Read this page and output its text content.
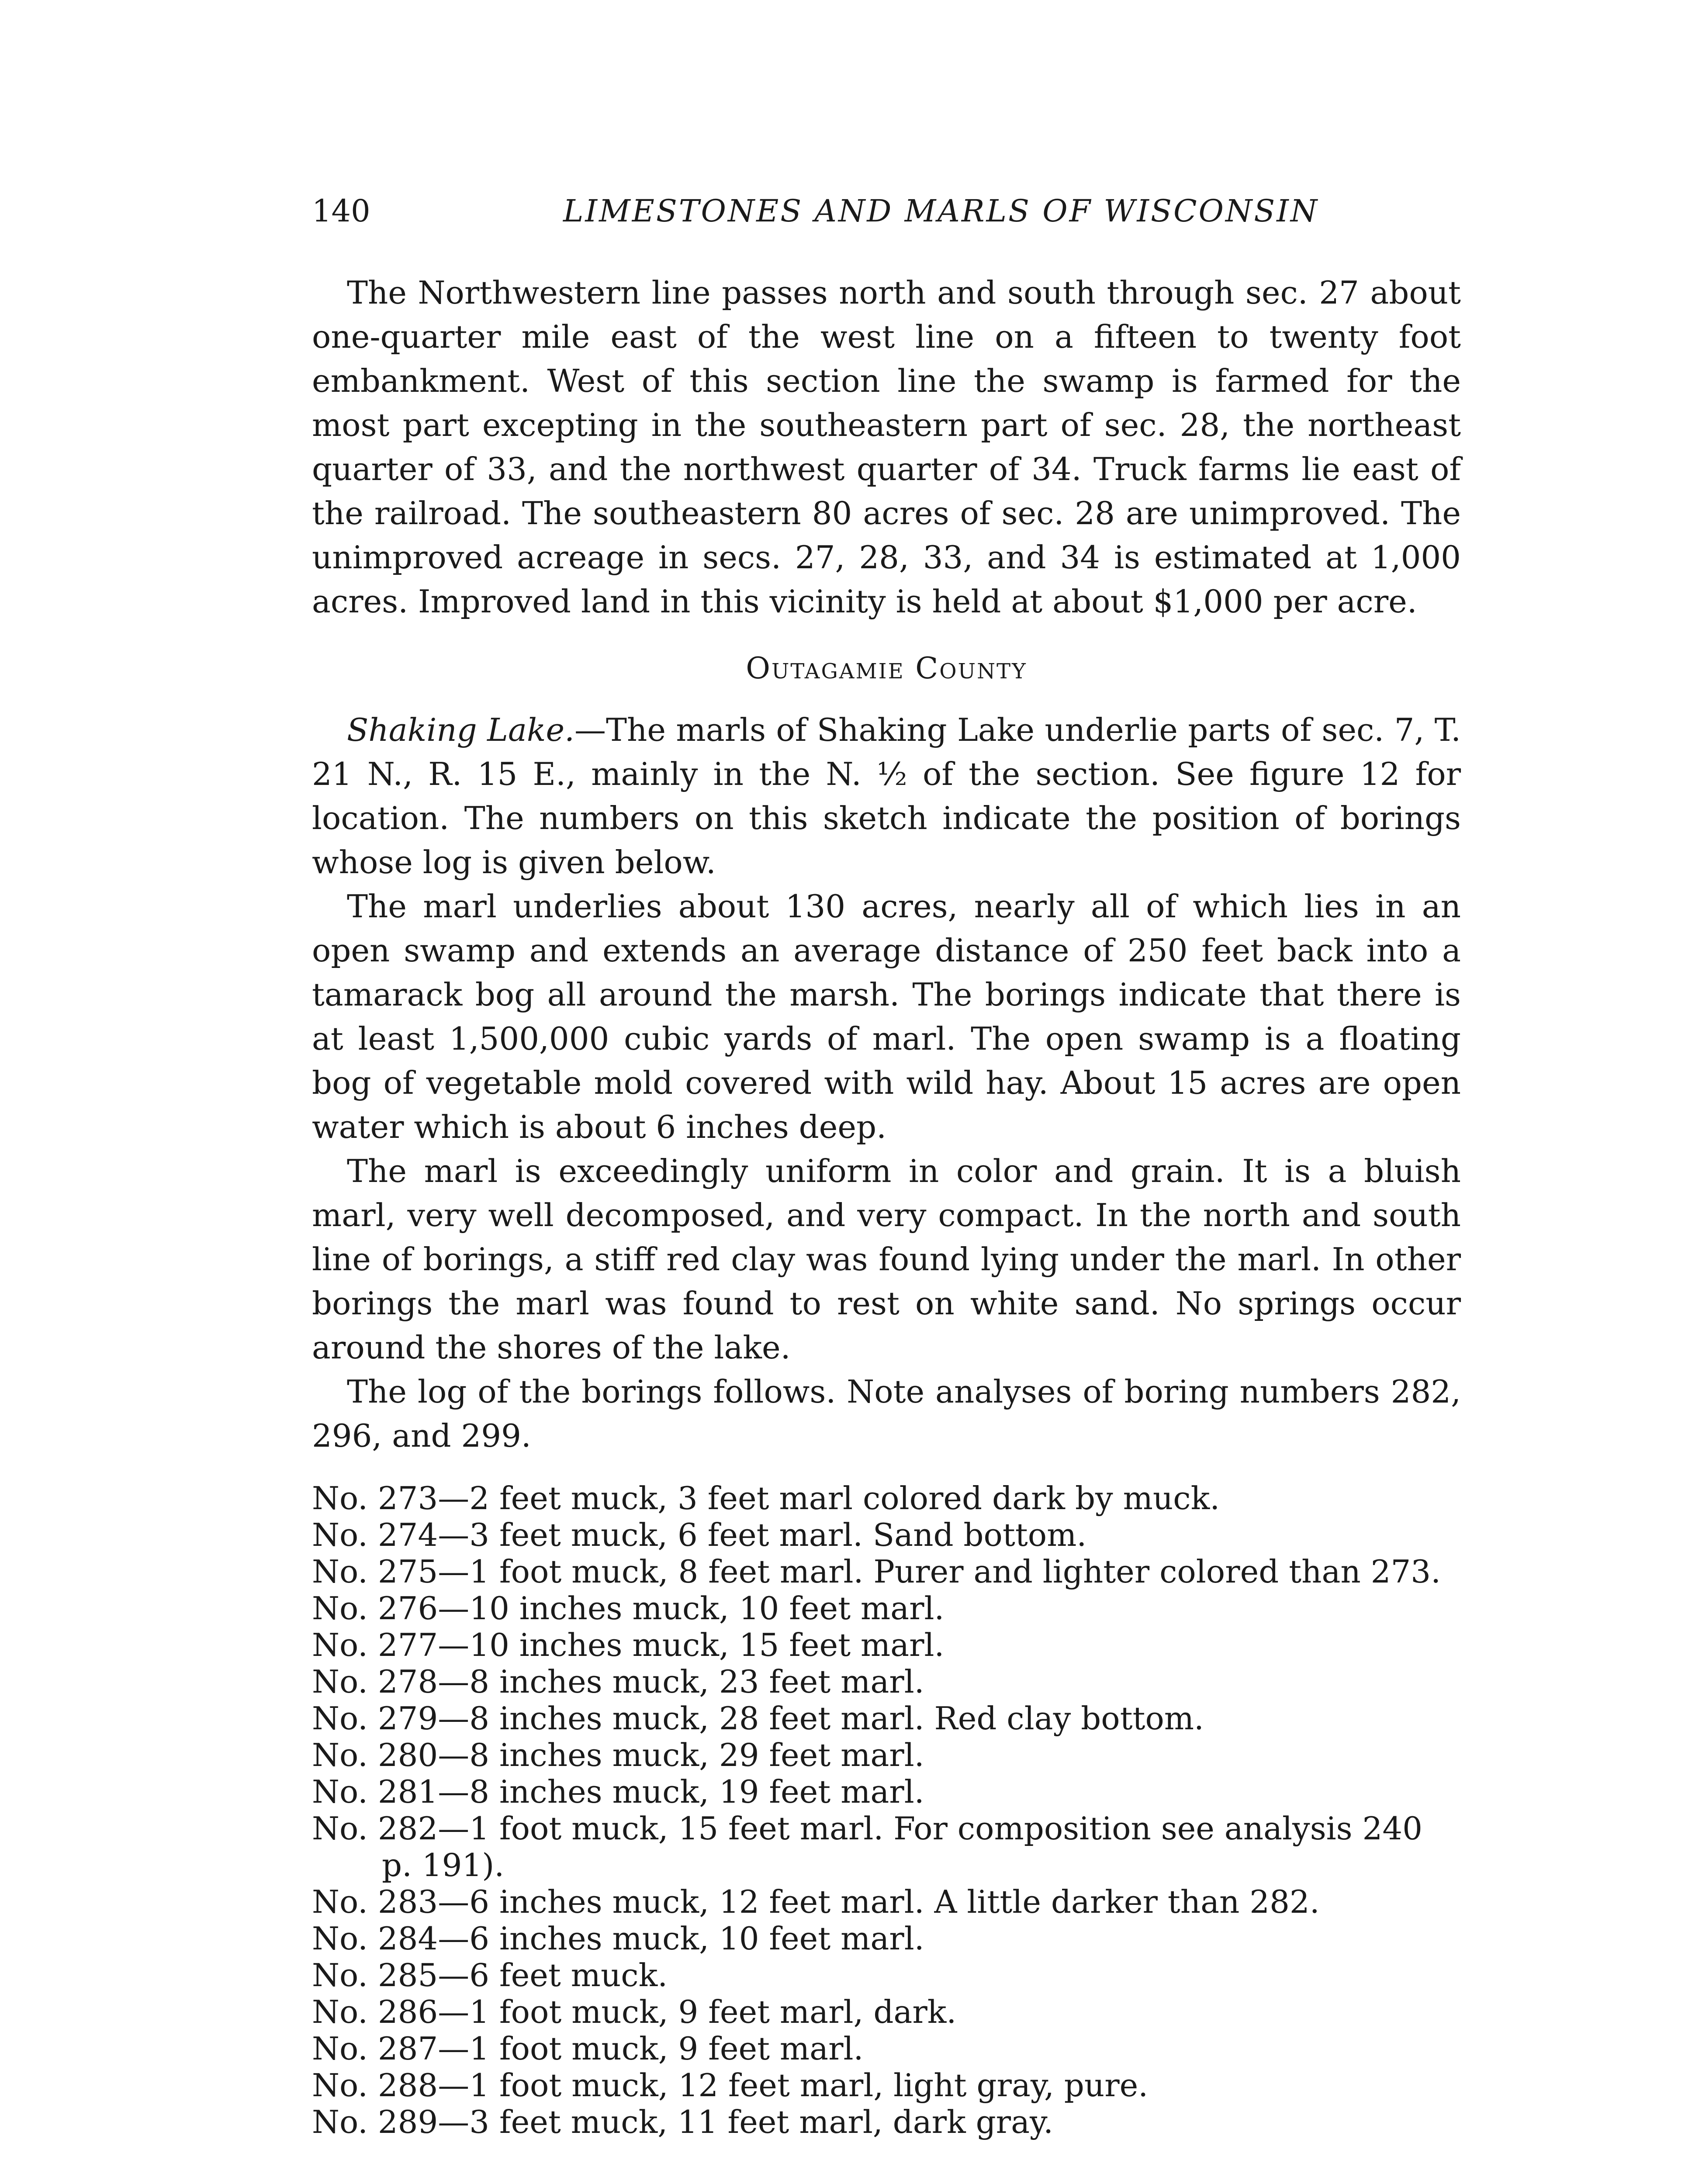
140	LIMESTONES AND MARLS OF WISCONSIN

The Northwestern line passes north and south through sec. 27 about one-quarter mile east of the west line on a fifteen to twenty foot embankment. West of this section line the swamp is farmed for the most part excepting in the southeastern part of sec. 28, the northeast quarter of 33, and the northwest quarter of 34. Truck farms lie east of the railroad. The southeastern 80 acres of sec. 28 are unimproved. The unimproved acreage in secs. 27, 28, 33, and 34 is estimated at 1,000 acres. Improved land in this vicinity is held at about $1,000 per acre.

Outagamie County

Shaking Lake.—The marls of Shaking Lake underlie parts of sec. 7, T. 21 N., R. 15 E., mainly in the N. ½ of the section. See figure 12 for location. The numbers on this sketch indicate the position of borings whose log is given below.

The marl underlies about 130 acres, nearly all of which lies in an open swamp and extends an average distance of 250 feet back into a tamarack bog all around the marsh. The borings indicate that there is at least 1,500,000 cubic yards of marl. The open swamp is a floating bog of vegetable mold covered with wild hay. About 15 acres are open water which is about 6 inches deep.

The marl is exceedingly uniform in color and grain. It is a bluish marl, very well decomposed, and very compact. In the north and south line of borings, a stiff red clay was found lying under the marl. In other borings the marl was found to rest on white sand. No springs occur around the shores of the lake.

The log of the borings follows. Note analyses of boring numbers 282, 296, and 299.

No. 273—2 feet muck, 3 feet marl colored dark by muck.
No. 274—3 feet muck, 6 feet marl. Sand bottom.
No. 275—1 foot muck, 8 feet marl. Purer and lighter colored than 273.
No. 276—10 inches muck, 10 feet marl.
No. 277—10 inches muck, 15 feet marl.
No. 278—8 inches muck, 23 feet marl.
No. 279—8 inches muck, 28 feet marl. Red clay bottom.
No. 280—8 inches muck, 29 feet marl.
No. 281—8 inches muck, 19 feet marl.
No. 282—1 foot muck, 15 feet marl. For composition see analysis 240 p. 191).
No. 283—6 inches muck, 12 feet marl. A little darker than 282.
No. 284—6 inches muck, 10 feet marl.
No. 285—6 feet muck.
No. 286—1 foot muck, 9 feet marl, dark.
No. 287—1 foot muck, 9 feet marl.
No. 288—1 foot muck, 12 feet marl, light gray, pure.
No. 289—3 feet muck, 11 feet marl, dark gray.
